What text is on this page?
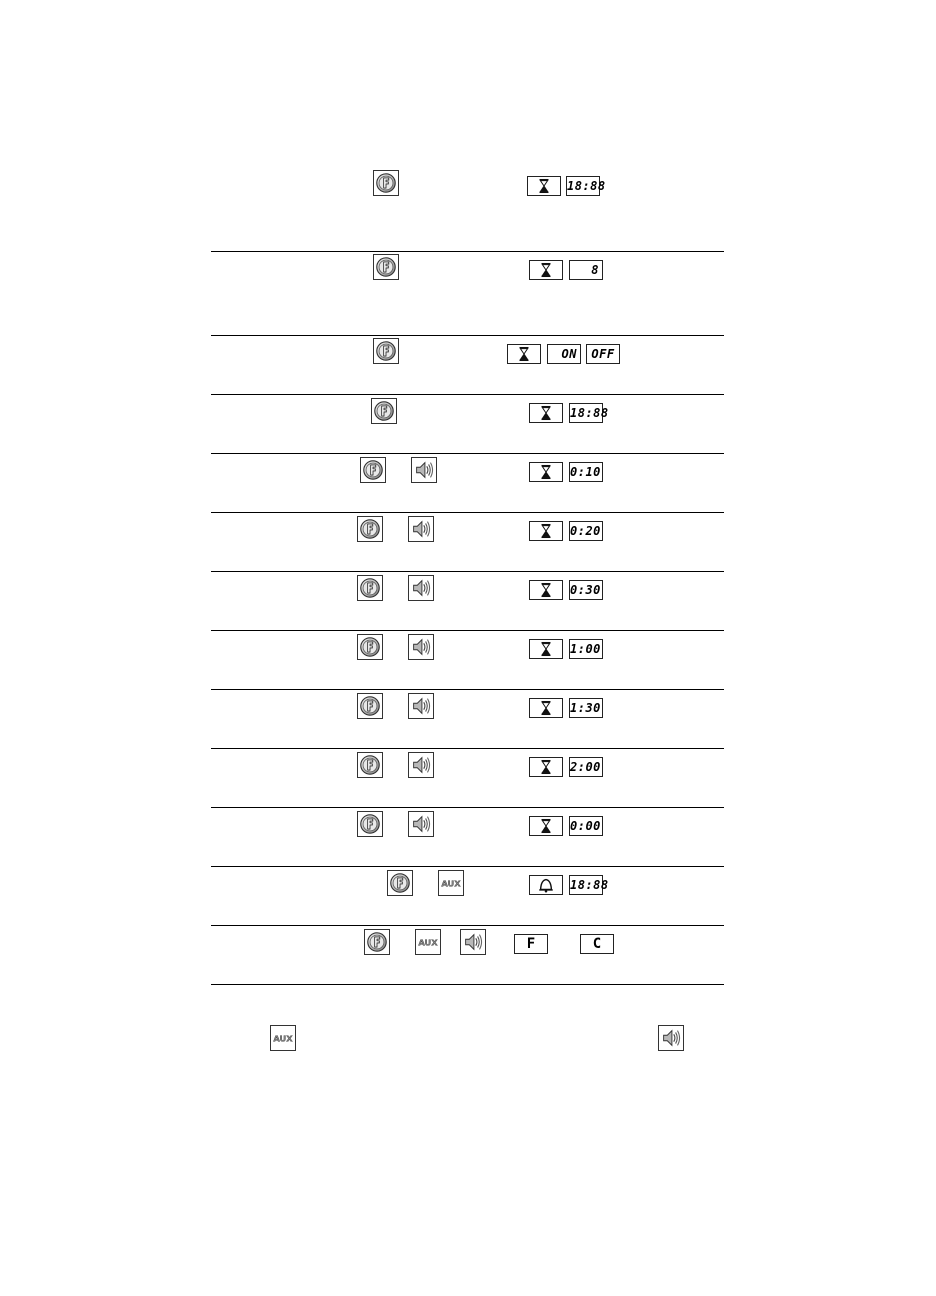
18:88
8
ON	OFF
18:88
0:10
0:20
0:30
1:00
1:30
2:00
0:00
AUX	18:88
AUX	F	C
AUX
